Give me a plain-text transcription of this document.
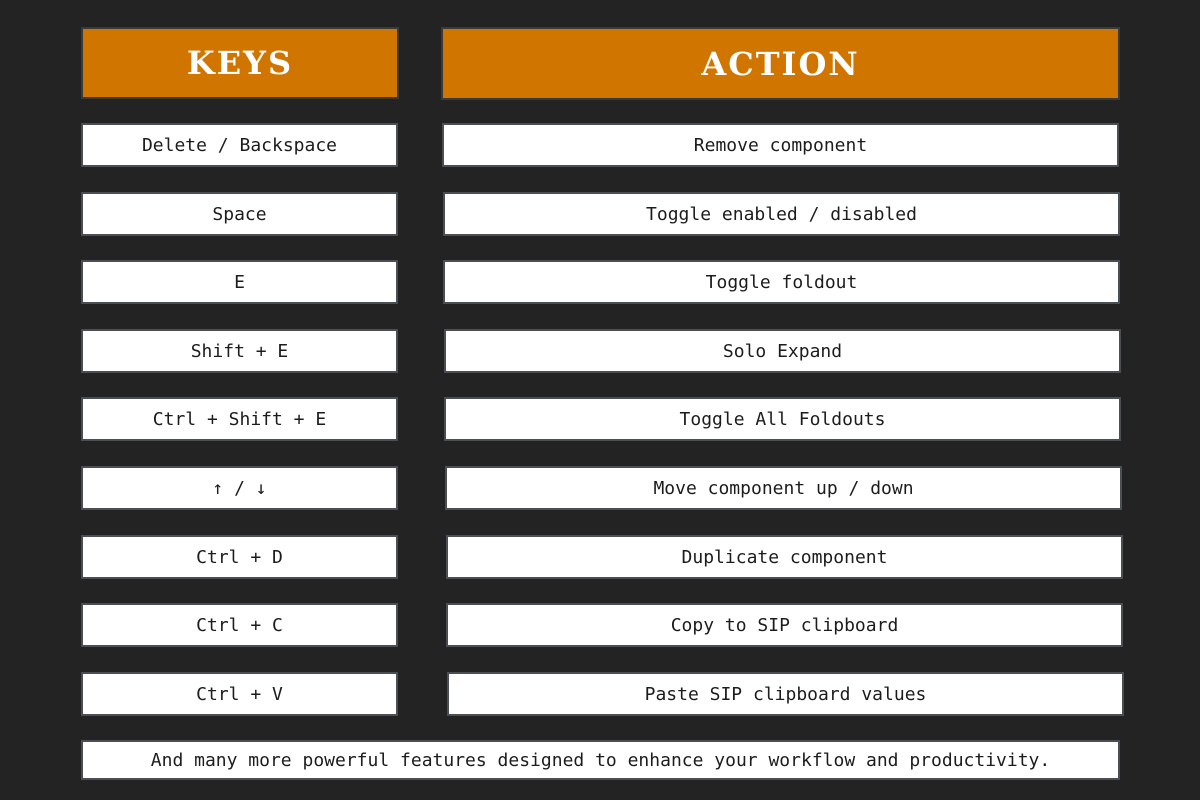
KEYS	ACTION
Delete / Backspace	Remove component
Space	Toggle enabled / disabled
E	Toggle foldout
Shift + E	Solo Expand
Ctrl + Shift + E	Toggle All Foldouts
↑ / ↓	Move component up / down
Ctrl + D	Duplicate component
Ctrl + C	Copy to SIP clipboard
Ctrl + V	Paste SIP clipboard values
And many more powerful features designed to enhance your workflow and productivity.
